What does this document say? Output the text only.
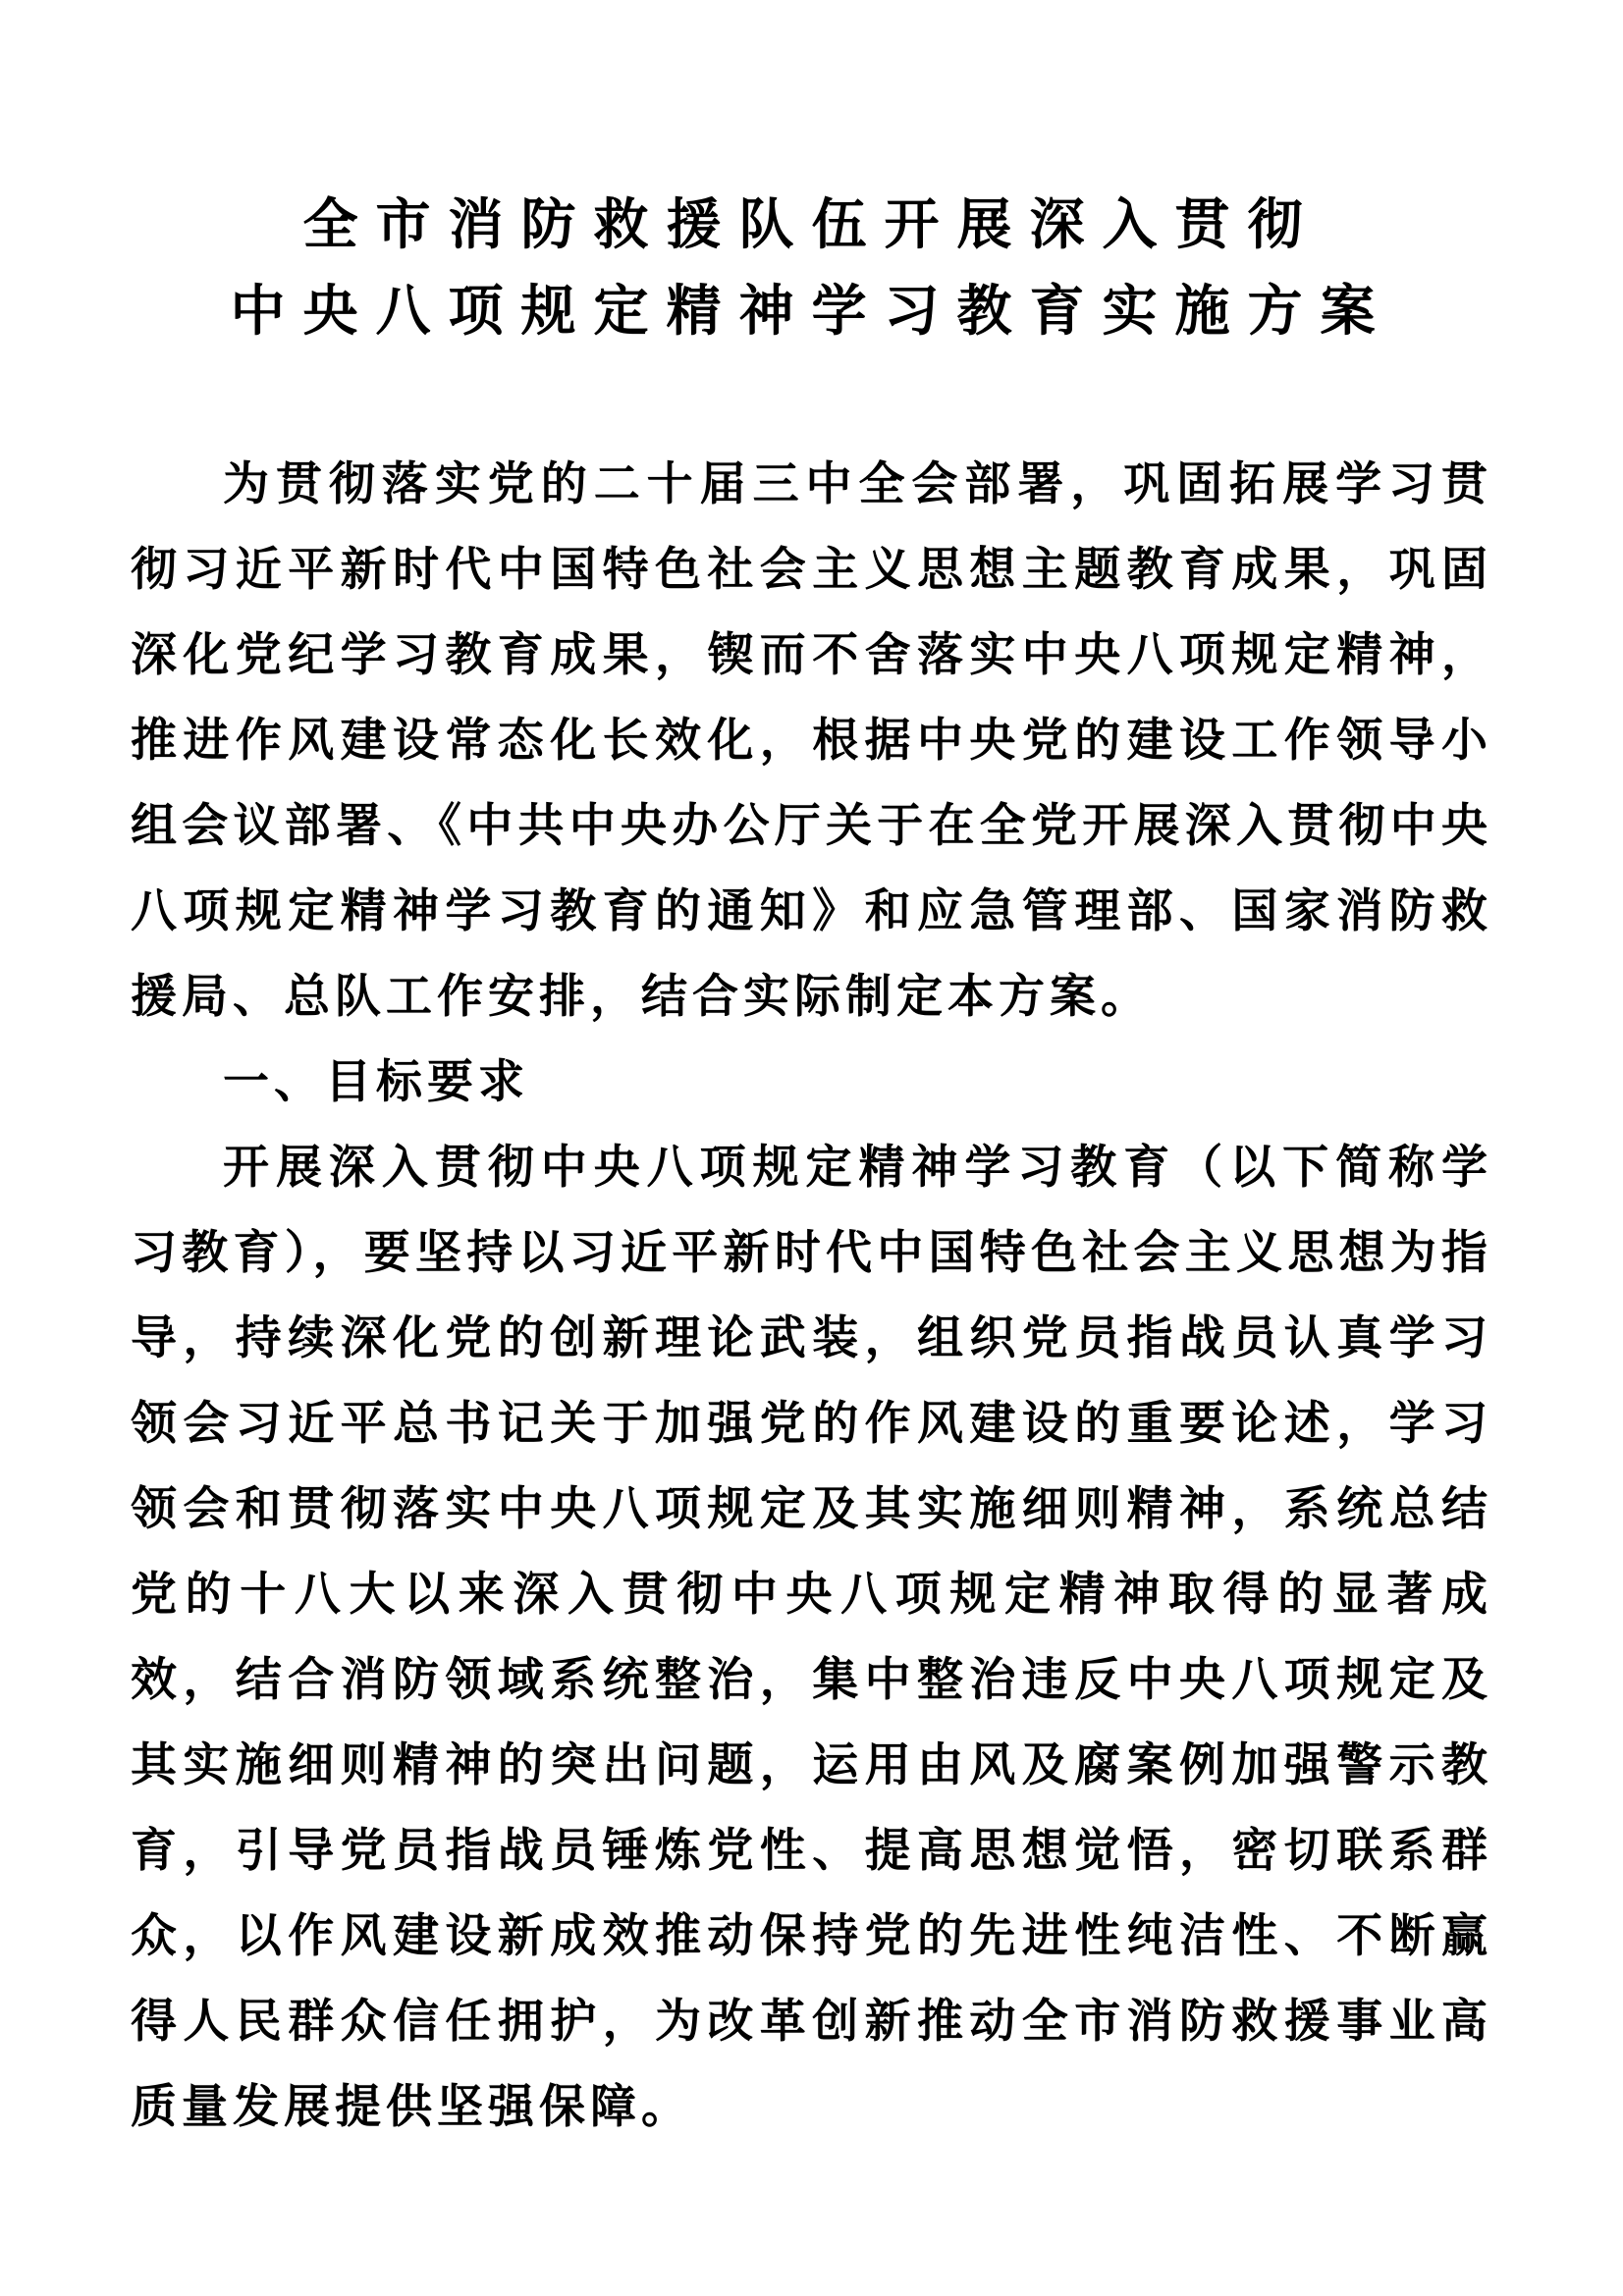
全市消防救援队伍开展深入贯彻
中央八项规定精神学习教育实施方案

为贯彻落实党的二十届三中全会部署，巩固拓展学习贯彻习近平新时代中国特色社会主义思想主题教育成果，巩固深化党纪学习教育成果，锲而不舍落实中央八项规定精神，推进作风建设常态化长效化，根据中央党的建设工作领导小组会议部署、《中共中央办公厅关于在全党开展深入贯彻中央八项规定精神学习教育的通知》和应急管理部、国家消防救援局、总队工作安排，结合实际制定本方案。

一、目标要求

开展深入贯彻中央八项规定精神学习教育（以下简称学习教育），要坚持以习近平新时代中国特色社会主义思想为指导，持续深化党的创新理论武装，组织党员指战员认真学习领会习近平总书记关于加强党的作风建设的重要论述，学习领会和贯彻落实中央八项规定及其实施细则精神，系统总结党的十八大以来深入贯彻中央八项规定精神取得的显著成效，结合消防领域系统整治，集中整治违反中央八项规定及其实施细则精神的突出问题，运用由风及腐案例加强警示教育，引导党员指战员锤炼党性、提高思想觉悟，密切联系群众，以作风建设新成效推动保持党的先进性纯洁性、不断赢得人民群众信任拥护，为改革创新推动全市消防救援事业高质量发展提供坚强保障。
